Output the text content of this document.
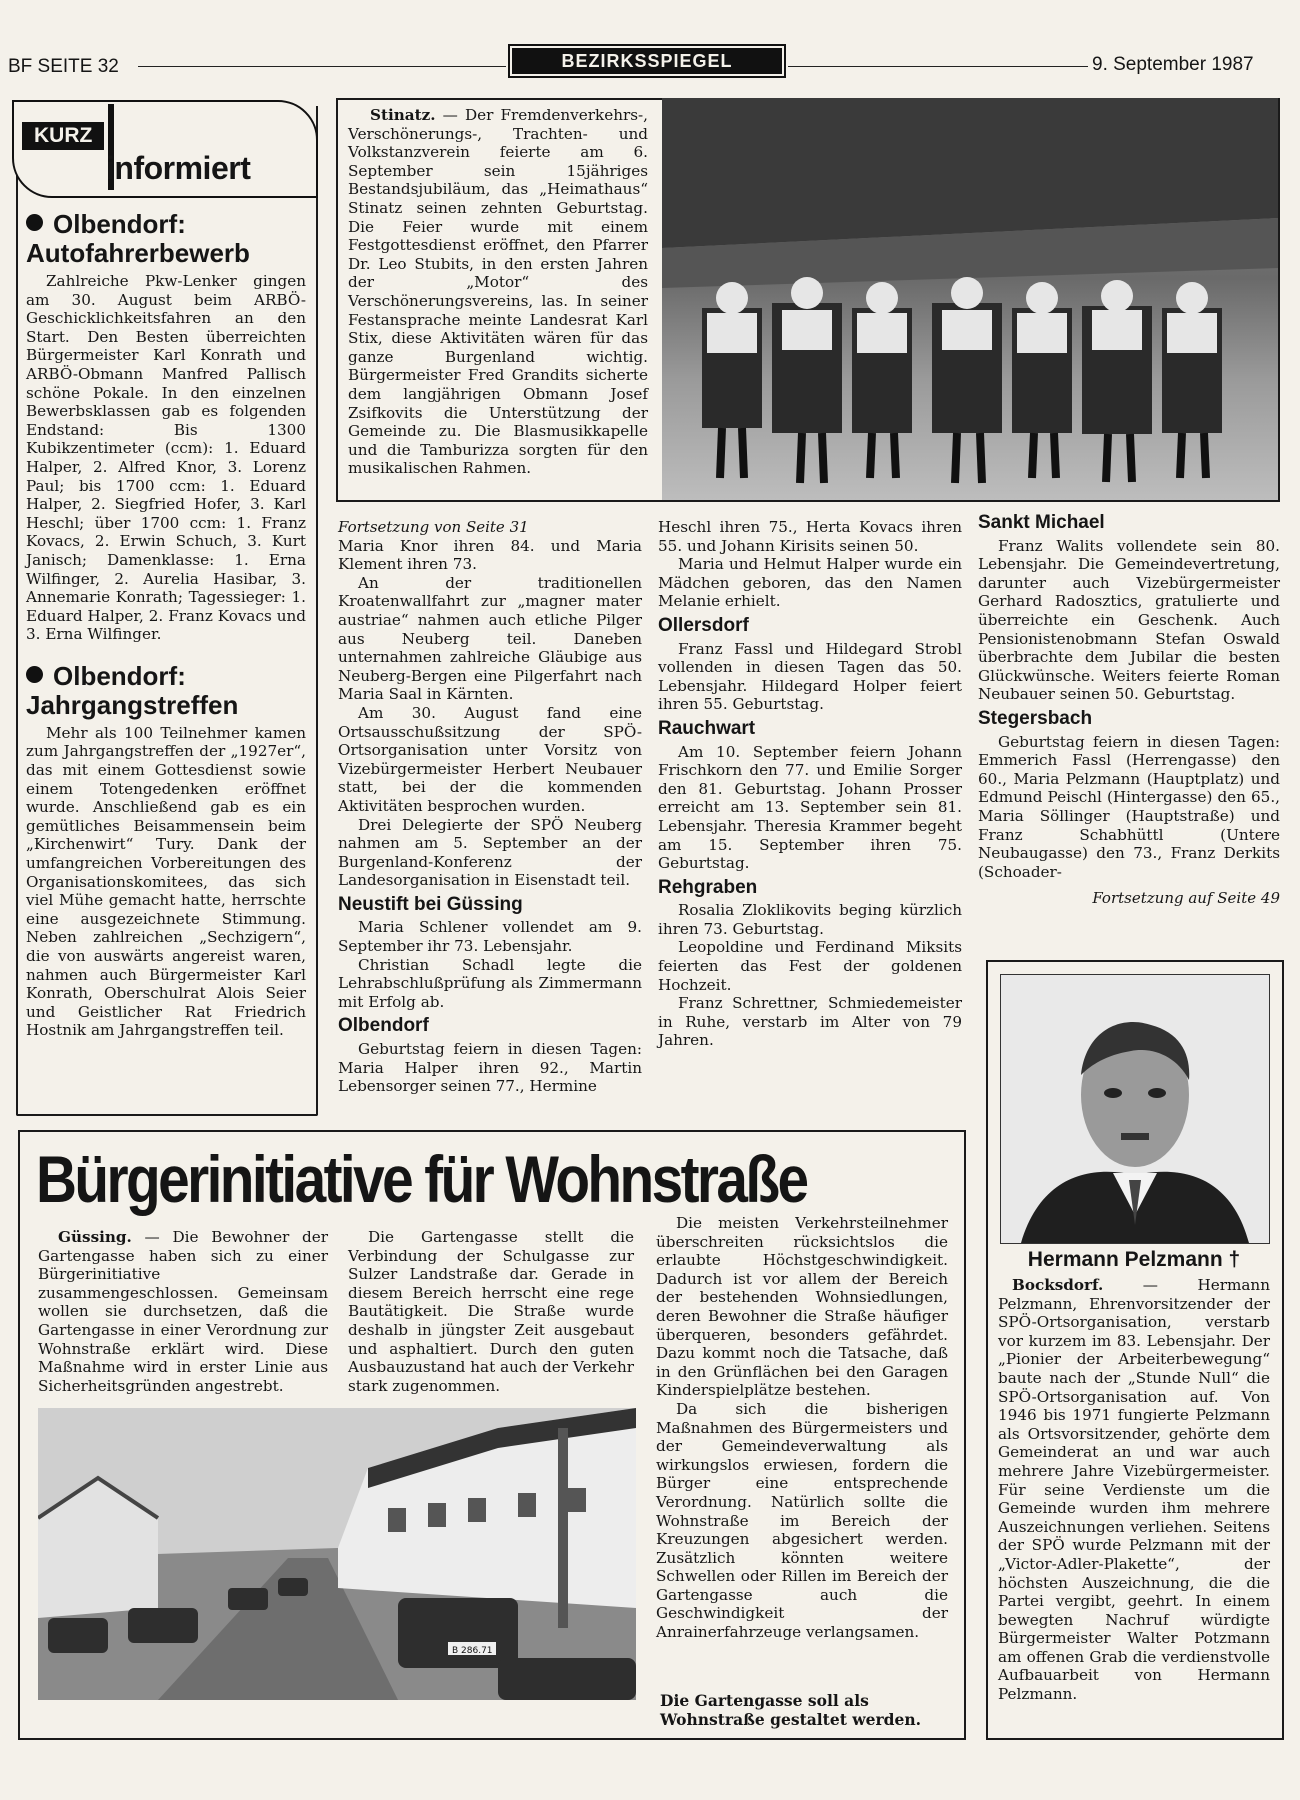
BF SEITE 32	BEZIRKSSPIEGEL	9. September 1987
KURZ
informiert
Olbendorf:
Autofahrerbewerb

Zahlreiche Pkw-Lenker gingen am 30. August beim ARBÖ-Geschicklichkeitsfahren an den Start. Den Besten überreichten Bürgermeister Karl Konrath und ARBÖ-Obmann Manfred Pallisch schöne Pokale. In den einzelnen Bewerbsklassen gab es folgenden Endstand: Bis 1300 Kubikzentimeter (ccm): 1. Eduard Halper, 2. Alfred Knor, 3. Lorenz Paul; bis 1700 ccm: 1. Eduard Halper, 2. Siegfried Hofer, 3. Karl Heschl; über 1700 ccm: 1. Franz Kovacs, 2. Erwin Schuch, 3. Kurt Janisch; Damenklasse: 1. Erna Wilfinger, 2. Aurelia Hasibar, 3. Annemarie Konrath; Tagessieger: 1. Eduard Halper, 2. Franz Kovacs und 3. Erna Wilfinger.

Olbendorf:
Jahrgangstreffen

Mehr als 100 Teilnehmer kamen zum Jahrgangstreffen der „1927er“, das mit einem Gottesdienst sowie einem Totengedenken eröffnet wurde. Anschließend gab es ein gemütliches Beisammensein beim „Kirchenwirt“ Tury. Dank der umfangreichen Vorbereitungen des Organisationskomitees, das sich viel Mühe gemacht hatte, herrschte eine ausgezeichnete Stimmung. Neben zahlreichen „Sechzigern“, die von auswärts angereist waren, nahmen auch Bürgermeister Karl Konrath, Oberschulrat Alois Seier und Geistlicher Rat Friedrich Hostnik am Jahrgangstreffen teil.

Stinatz. — Der Fremdenverkehrs-, Verschönerungs-, Trachten- und Volkstanzverein feierte am 6. September sein 15jähriges Bestandsjubiläum, das „Heimathaus“ Stinatz seinen zehnten Geburtstag. Die Feier wurde mit einem Festgottesdienst eröffnet, den Pfarrer Dr. Leo Stubits, in den ersten Jahren der „Motor“ des Verschönerungsvereins, las. In seiner Festansprache meinte Landesrat Karl Stix, diese Aktivitäten wären für das ganze Burgenland wichtig. Bürgermeister Fred Grandits sicherte dem langjährigen Obmann Josef Zsifkovits die Unterstützung der Gemeinde zu. Die Blasmusikkapelle und die Tamburizza sorgten für den musikalischen Rahmen.

Fortsetzung von Seite 31

Maria Knor ihren 84. und Maria Klement ihren 73.

An der traditionellen Kroatenwallfahrt zur „magner mater austriae“ nahmen auch etliche Pilger aus Neuberg teil. Daneben unternahmen zahlreiche Gläubige aus Neuberg-Bergen eine Pilgerfahrt nach Maria Saal in Kärnten.

Am 30. August fand eine Ortsausschußsitzung der SPÖ-Ortsorganisation unter Vorsitz von Vizebürgermeister Herbert Neubauer statt, bei der die kommenden Aktivitäten besprochen wurden.

Drei Delegierte der SPÖ Neuberg nahmen am 5. September an der Burgenland-Konferenz der Landesorganisation in Eisenstadt teil.

Neustift bei Güssing

Maria Schlener vollendet am 9. September ihr 73. Lebensjahr.

Christian Schadl legte die Lehrabschlußprüfung als Zimmermann mit Erfolg ab.

Olbendorf

Geburtstag feiern in diesen Tagen: Maria Halper ihren 92., Martin Lebensorger seinen 77., Hermine

Heschl ihren 75., Herta Kovacs ihren 55. und Johann Kirisits seinen 50.

Maria und Helmut Halper wurde ein Mädchen geboren, das den Namen Melanie erhielt.

Ollersdorf

Franz Fassl und Hildegard Strobl vollenden in diesen Tagen das 50. Lebensjahr. Hildegard Holper feiert ihren 55. Geburtstag.

Rauchwart

Am 10. September feiern Johann Frischkorn den 77. und Emilie Sorger den 81. Geburtstag. Johann Prosser erreicht am 13. September sein 81. Lebensjahr. Theresia Krammer begeht am 15. September ihren 75. Geburtstag.

Rehgraben

Rosalia Zloklikovits beging kürzlich ihren 73. Geburtstag.

Leopoldine und Ferdinand Miksits feierten das Fest der goldenen Hochzeit.

Franz Schrettner, Schmiedemeister in Ruhe, verstarb im Alter von 79 Jahren.

Sankt Michael

Franz Walits vollendete sein 80. Lebensjahr. Die Gemeindevertretung, darunter auch Vizebürgermeister Gerhard Radosztics, gratulierte und überreichte ein Geschenk. Auch Pensionistenobmann Stefan Oswald überbrachte dem Jubilar die besten Glückwünsche. Weiters feierte Roman Neubauer seinen 50. Geburtstag.

Stegersbach

Geburtstag feiern in diesen Tagen: Emmerich Fassl (Herrengasse) den 60., Maria Pelzmann (Hauptplatz) und Edmund Peischl (Hintergasse) den 65., Maria Söllinger (Hauptstraße) und Franz Schabhüttl (Untere Neubaugasse) den 73., Franz Derkits (Schoader-

Fortsetzung auf Seite 49
Hermann Pelzmann †

Bocksdorf. — Hermann Pelzmann, Ehrenvorsitzender der SPÖ-Ortsorganisation, verstarb vor kurzem im 83. Lebensjahr. Der „Pionier der Arbeiterbewegung“ baute nach der „Stunde Null“ die SPÖ-Ortsorganisation auf. Von 1946 bis 1971 fungierte Pelzmann als Ortsvorsitzender, gehörte dem Gemeinderat an und war auch mehrere Jahre Vizebürgermeister. Für seine Verdienste um die Gemeinde wurden ihm mehrere Auszeichnungen verliehen. Seitens der SPÖ wurde Pelzmann mit der „Victor-Adler-Plakette“, der höchsten Auszeichnung, die die Partei vergibt, geehrt. In einem bewegten Nachruf würdigte Bürgermeister Walter Potzmann am offenen Grab die verdienstvolle Aufbauarbeit von Hermann Pelzmann.

Bürgerinitiative für Wohnstraße

Güssing. — Die Bewohner der Gartengasse haben sich zu einer Bürgerinitiative zusammengeschlossen. Gemeinsam wollen sie durchsetzen, daß die Gartengasse in einer Verordnung zur Wohnstraße erklärt wird. Diese Maßnahme wird in erster Linie aus Sicherheitsgründen angestrebt.

Die Gartengasse stellt die Verbindung der Schulgasse zur Sulzer Landstraße dar. Gerade in diesem Bereich herrscht eine rege Bautätigkeit. Die Straße wurde deshalb in jüngster Zeit ausgebaut und asphaltiert. Durch den guten Ausbauzustand hat auch der Verkehr stark zugenommen.

Die meisten Verkehrsteilnehmer überschreiten rücksichtslos die erlaubte Höchstgeschwindigkeit. Dadurch ist vor allem der Bereich der bestehenden Wohnsiedlungen, deren Bewohner die Straße häufiger überqueren, besonders gefährdet. Dazu kommt noch die Tatsache, daß in den Grünflächen bei den Garagen Kinderspielplätze bestehen.

Da sich die bisherigen Maßnahmen des Bürgermeisters und der Gemeindeverwaltung als wirkungslos erwiesen, fordern die Bürger eine entsprechende Verordnung. Natürlich sollte die Wohnstraße im Bereich der Kreuzungen abgesichert werden. Zusätzlich könnten weitere Schwellen oder Rillen im Bereich der Gartengasse auch die Geschwindigkeit der Anrainerfahrzeuge verlangsamen.

B 286.71
Die Gartengasse soll als Wohnstraße gestaltet werden.
